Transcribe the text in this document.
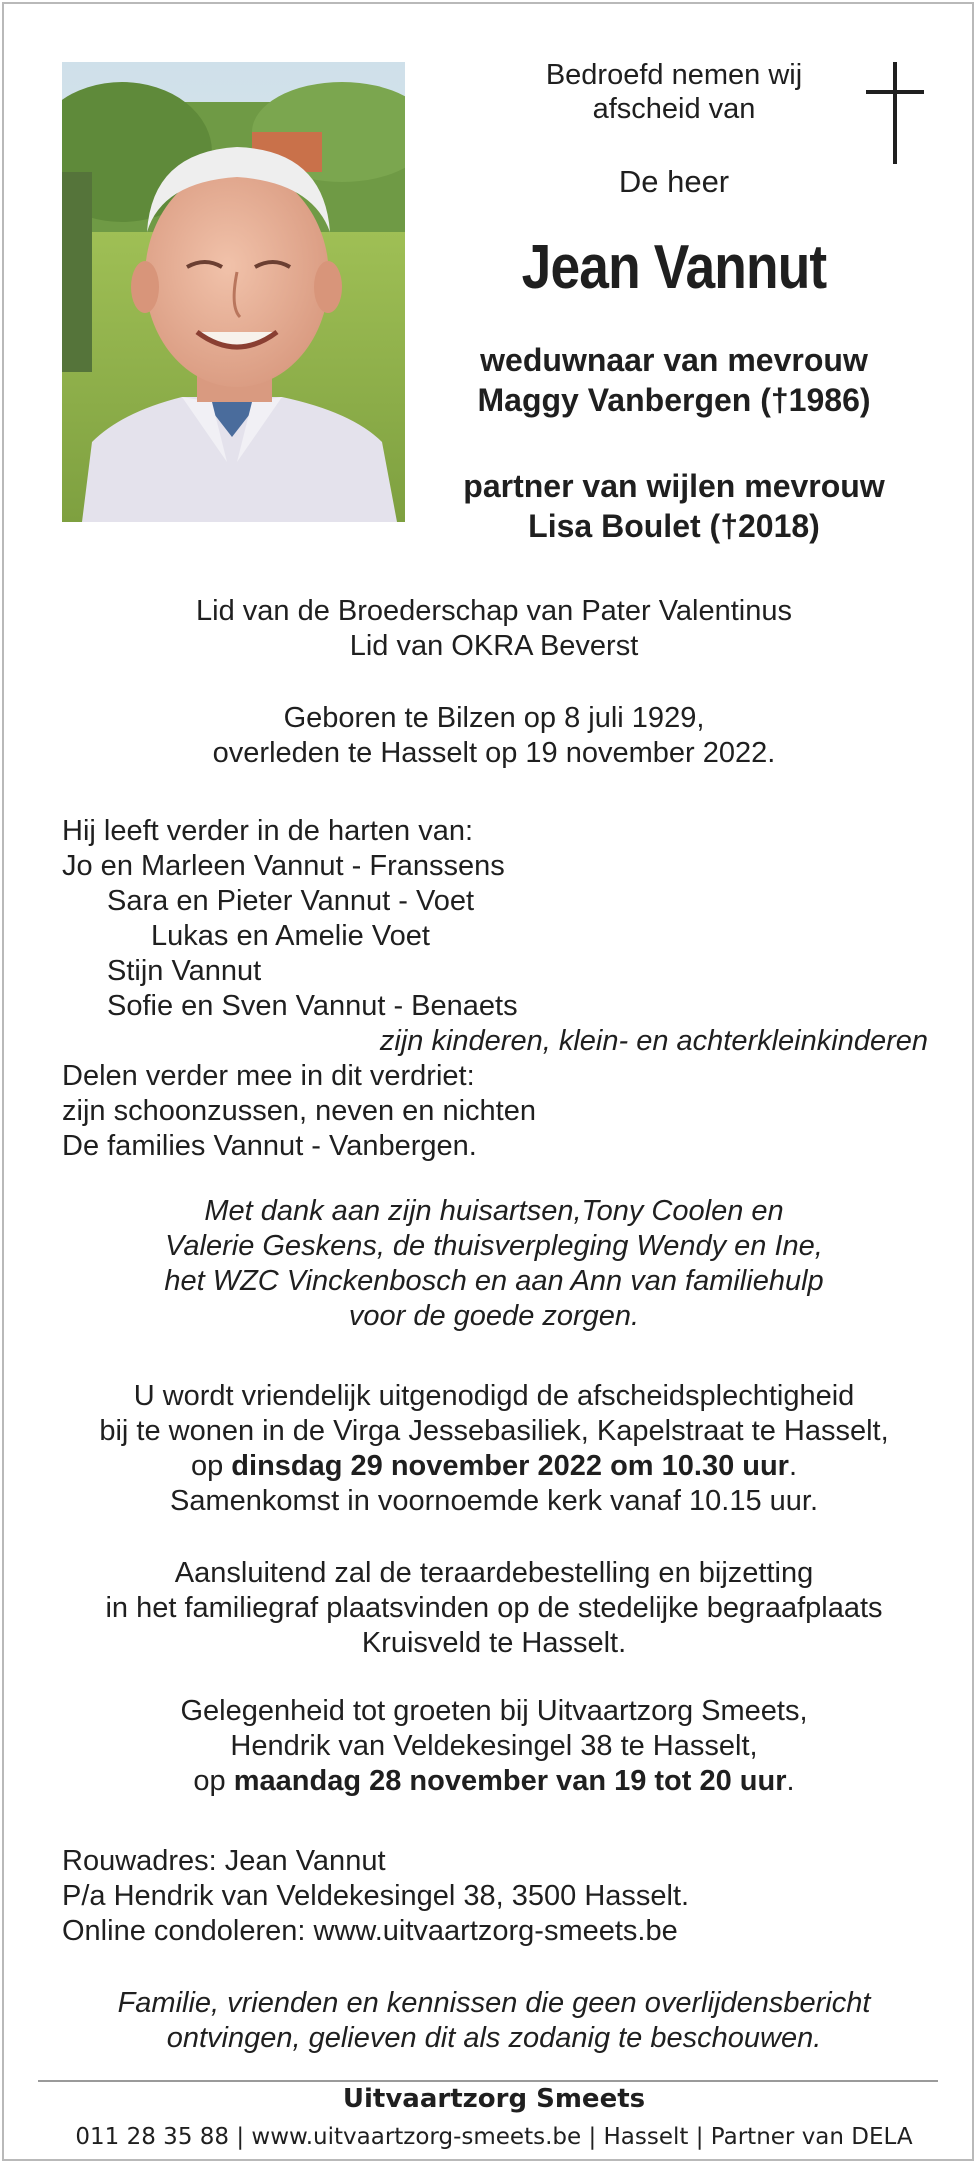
Bedroefd nemen wij
afscheid van
De heer
Jean Vannut
weduwnaar van mevrouw
Maggy Vanbergen (†1986)
partner van wijlen mevrouw
Lisa Boulet (†2018)
Lid van de Broederschap van Pater Valentinus
Lid van OKRA Beverst
Geboren te Bilzen op 8 juli 1929,
overleden te Hasselt op 19 november 2022.
Hij leeft verder in de harten van:
Jo en Marleen Vannut - Franssens
Sara en Pieter Vannut - Voet
Lukas en Amelie Voet
Stijn Vannut
Sofie en Sven Vannut - Benaets
zijn kinderen, klein- en achterkleinkinderen
Delen verder mee in dit verdriet:
zijn schoonzussen, neven en nichten
De families Vannut - Vanbergen.
Met dank aan zijn huisartsen,Tony Coolen en
Valerie Geskens, de thuisverpleging Wendy en Ine,
het WZC Vinckenbosch en aan Ann van familiehulp
voor de goede zorgen.
U wordt vriendelijk uitgenodigd de afscheidsplechtigheid
bij te wonen in de Virga Jessebasiliek, Kapelstraat te Hasselt,
op dinsdag 29 november 2022 om 10.30 uur.
Samenkomst in voornoemde kerk vanaf 10.15 uur.
Aansluitend zal de teraardebestelling en bijzetting
in het familiegraf plaatsvinden op de stedelijke begraafplaats
Kruisveld te Hasselt.
Gelegenheid tot groeten bij Uitvaartzorg Smeets,
Hendrik van Veldekesingel 38 te Hasselt,
op maandag 28 november van 19 tot 20 uur.
Rouwadres: Jean Vannut
P/a Hendrik van Veldekesingel 38, 3500 Hasselt.
Online condoleren: www.uitvaartzorg-smeets.be
Familie, vrienden en kennissen die geen overlijdensbericht
ontvingen, gelieven dit als zodanig te beschouwen.
Uitvaartzorg Smeets
011 28 35 88 | www.uitvaartzorg-smeets.be | Hasselt | Partner van DELA
